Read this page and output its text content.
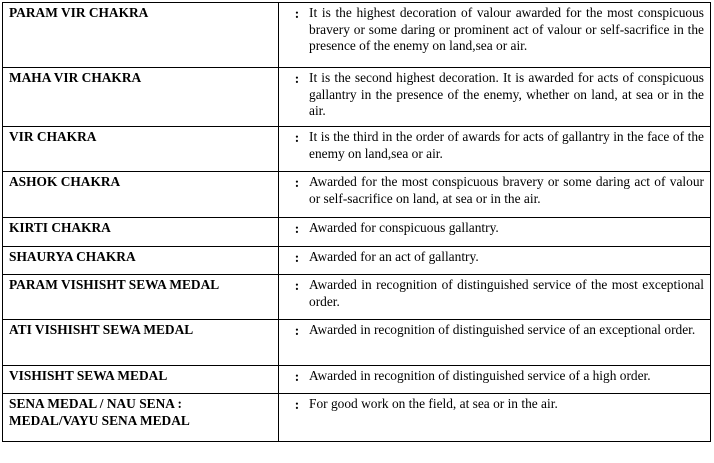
PARAM VIR CHAKRA	: It is the highest decoration of valour awarded for the most conspicuous bravery or some daring or prominent act of valour or self-sacrifice in the presence of the enemy on land,sea or air.

MAHA VIR CHAKRA	: It is the second highest decoration. It is awarded for acts of conspicuous gallantry in the presence of the enemy, whether on land, at sea or in the air.

VIR CHAKRA	: It is the third in the order of awards for acts of gallantry in the face of the enemy on land,sea or air.

ASHOK CHAKRA	: Awarded for the most conspicuous bravery or some daring act of valour or self-sacrifice on land, at sea or in the air.

KIRTI CHAKRA	: Awarded for conspicuous gallantry.

SHAURYA CHAKRA	: Awarded for an act of gallantry.

PARAM VISHISHT SEWA MEDAL	: Awarded in recognition of distinguished service of the most exceptional order.

ATI VISHISHT SEWA MEDAL	: Awarded in recognition of distinguished service of an exceptional order.

VISHISHT SEWA MEDAL	: Awarded in recognition of distinguished service of a high order.

SENA MEDAL / NAU SENA : MEDAL/VAYU SENA MEDAL	: For good work on the field, at sea or in the air.
